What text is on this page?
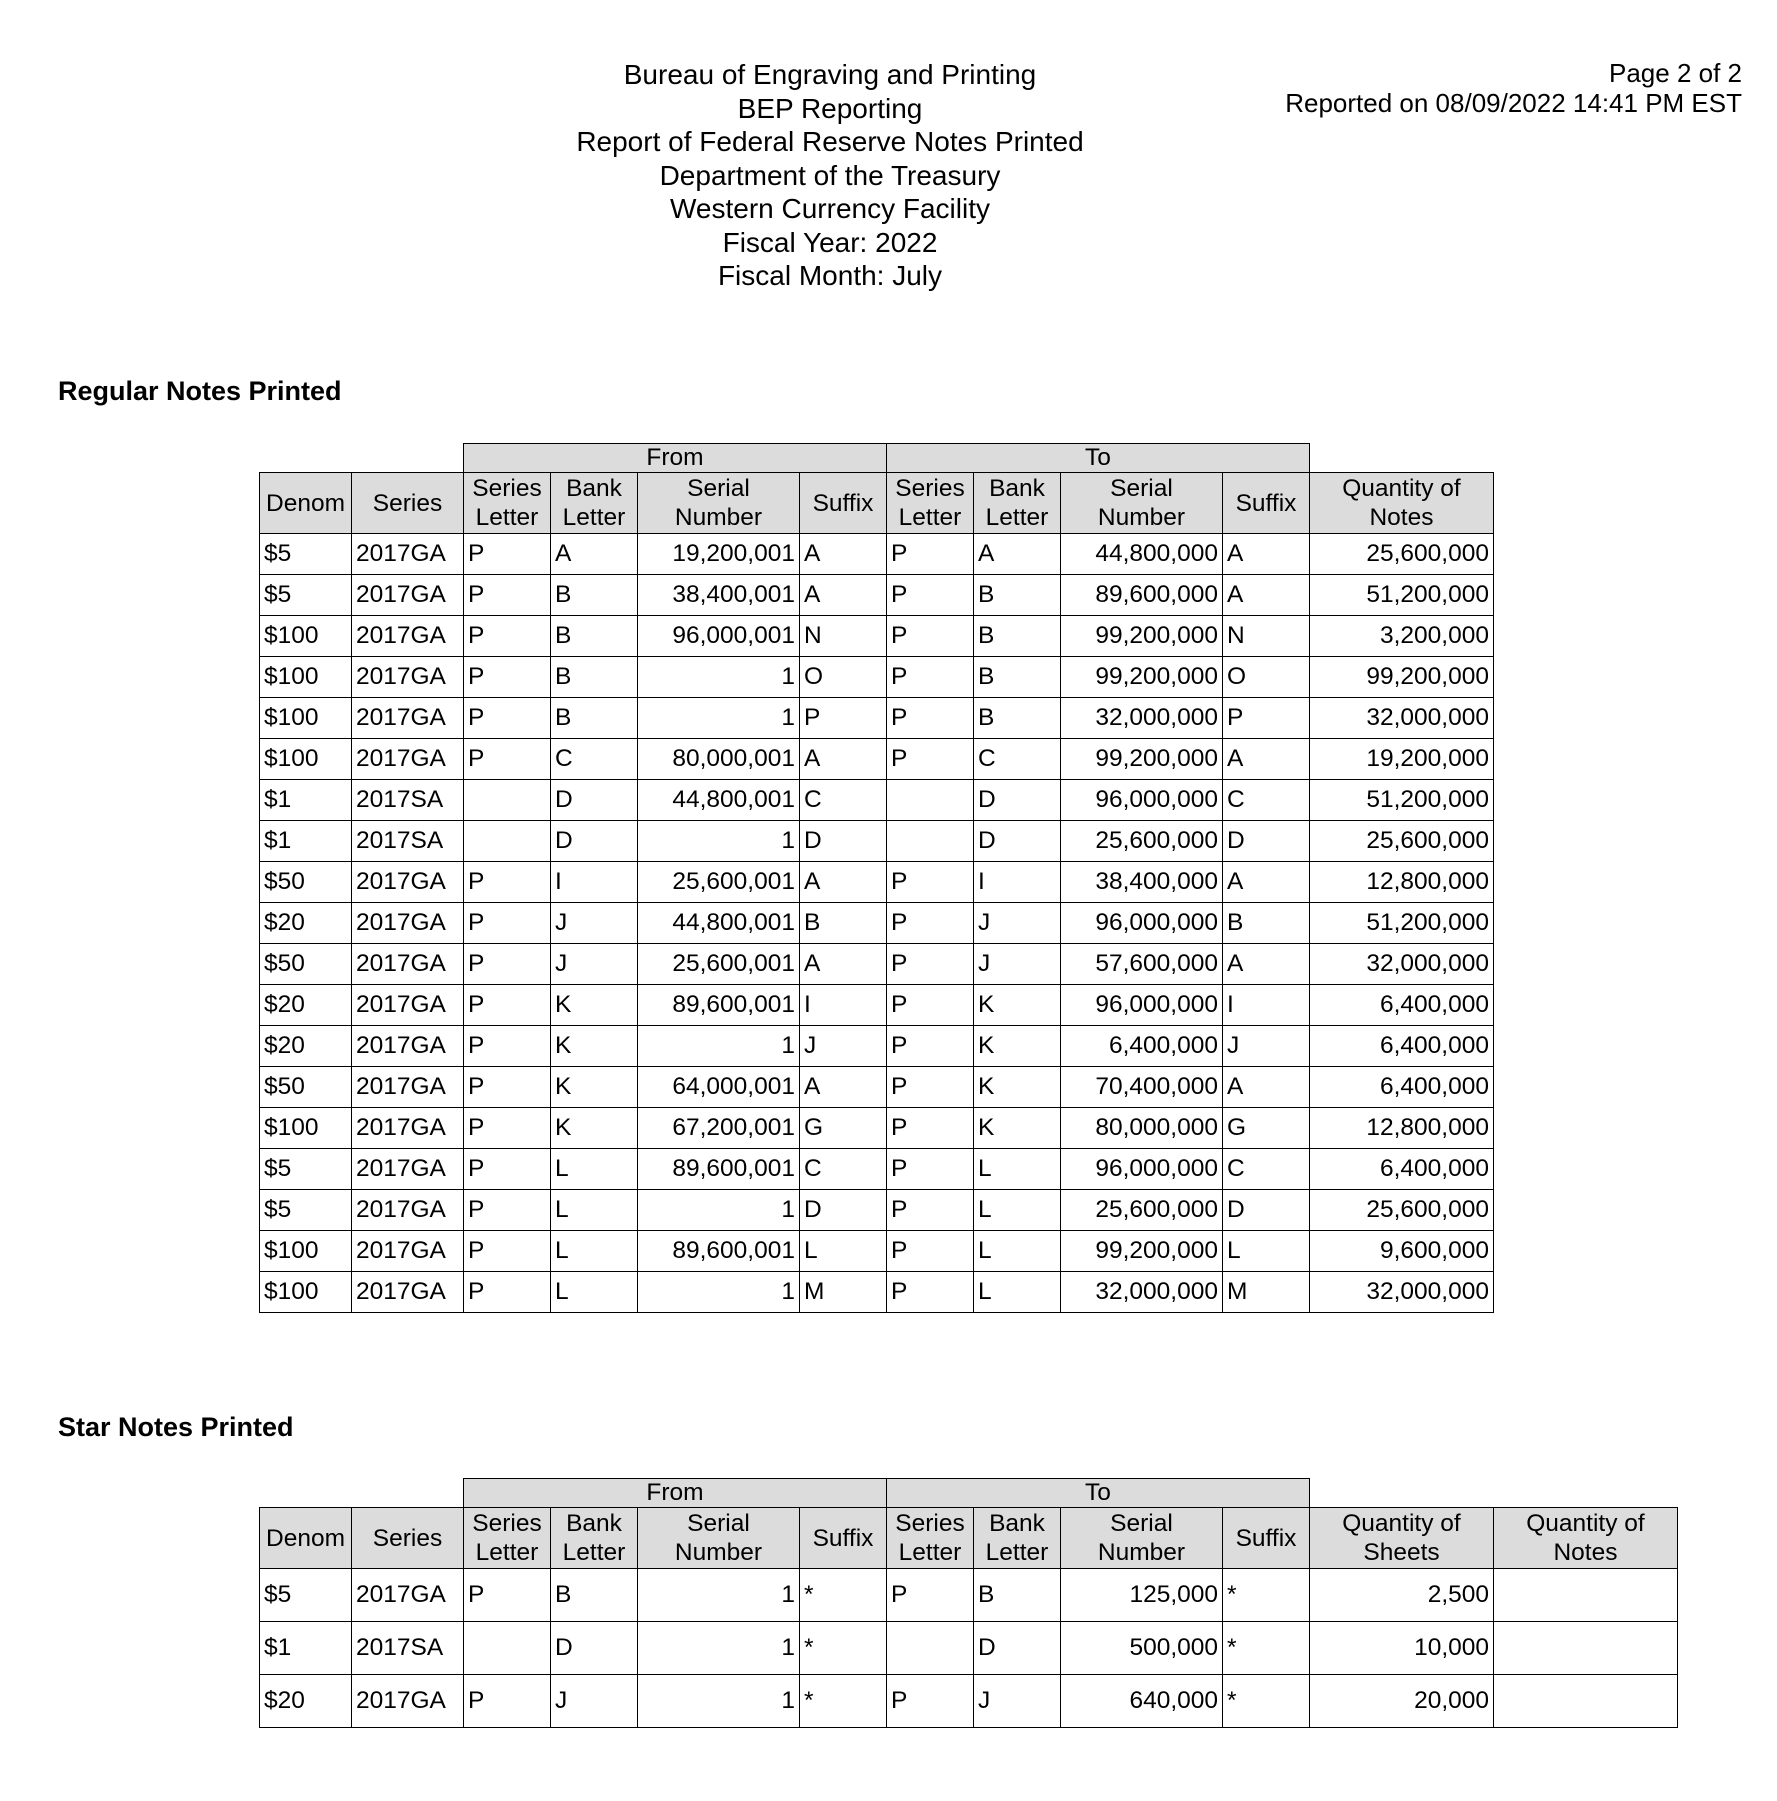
Bureau of Engraving and Printing
BEP Reporting
Report of Federal Reserve Notes Printed
Department of the Treasury
Western Currency Facility
Fiscal Year: 2022
Fiscal Month: July
Page 2 of 2
Reported on 08/09/2022 14:41 PM EST
Regular Notes Printed
		From				To				
Denom	Series	Series Letter	Bank Letter	Serial Number	Suffix	Series Letter	Bank Letter	Serial Number	Suffix	Quantity of Notes
$5	2017GA	P	A	19,200,001	A	P	A	44,800,000	A	25,600,000
$5	2017GA	P	B	38,400,001	A	P	B	89,600,000	A	51,200,000
$100	2017GA	P	B	96,000,001	N	P	B	99,200,000	N	3,200,000
$100	2017GA	P	B	1	O	P	B	99,200,000	O	99,200,000
$100	2017GA	P	B	1	P	P	B	32,000,000	P	32,000,000
$100	2017GA	P	C	80,000,001	A	P	C	99,200,000	A	19,200,000
$1	2017SA		D	44,800,001	C		D	96,000,000	C	51,200,000
$1	2017SA		D	1	D		D	25,600,000	D	25,600,000
$50	2017GA	P	I	25,600,001	A	P	I	38,400,000	A	12,800,000
$20	2017GA	P	J	44,800,001	B	P	J	96,000,000	B	51,200,000
$50	2017GA	P	J	25,600,001	A	P	J	57,600,000	A	32,000,000
$20	2017GA	P	K	89,600,001	I	P	K	96,000,000	I	6,400,000
$20	2017GA	P	K	1	J	P	K	6,400,000	J	6,400,000
$50	2017GA	P	K	64,000,001	A	P	K	70,400,000	A	6,400,000
$100	2017GA	P	K	67,200,001	G	P	K	80,000,000	G	12,800,000
$5	2017GA	P	L	89,600,001	C	P	L	96,000,000	C	6,400,000
$5	2017GA	P	L	1	D	P	L	25,600,000	D	25,600,000
$100	2017GA	P	L	89,600,001	L	P	L	99,200,000	L	9,600,000
$100	2017GA	P	L	1	M	P	L	32,000,000	M	32,000,000
Star Notes Printed
		From				To					
Denom	Series	Series Letter	Bank Letter	Serial Number	Suffix	Series Letter	Bank Letter	Serial Number	Suffix	Quantity of Sheets	Quantity of Notes
$5	2017GA	P	B	1	*	P	B	125,000	*	2,500	
$1	2017SA		D	1	*		D	500,000	*	10,000	
$20	2017GA	P	J	1	*	P	J	640,000	*	20,000	
